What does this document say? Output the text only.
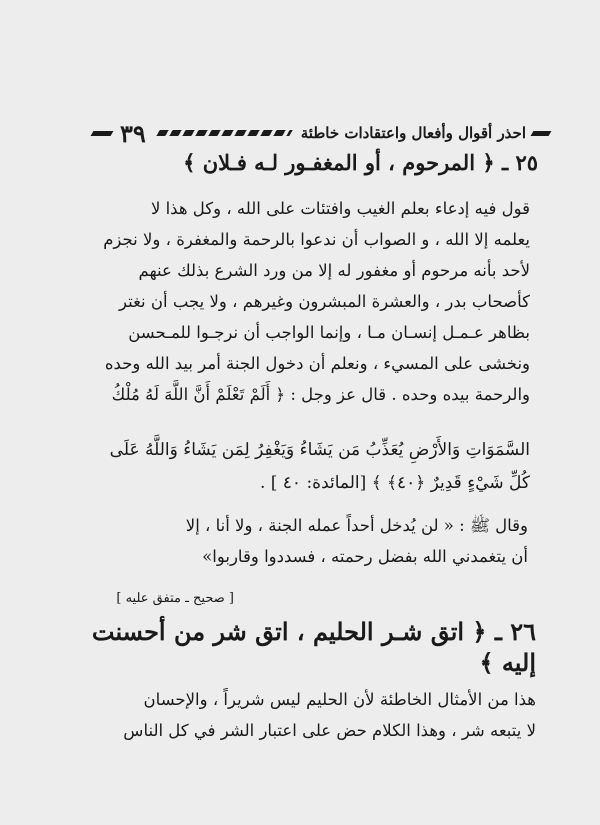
احذر أقوال وأفعال واعتقادات خاطئة
٣٩
٢٥ ـ ﴿ المرحوم ، أو المغفـور لـه فـلان ﴾
قول فيه إدعاء بعلم الغيب وافتئات على الله ، وكل هذا لا
يعلمه إلا الله ، و الصواب أن ندعوا بالرحمة والمغفرة ، ولا نجزم
لأحد بأنه مرحوم أو مغفور له إلا من ورد الشرع بذلك عنهم
كأصحاب بدر ، والعشرة المبشرون وغيرهم ، ولا يجب أن نغتر
بظاهر عـمـل إنسـان مـا ، وإنما الواجب أن نرجـوا للمـحسن
ونخشى على المسيء ، ونعلم أن دخول الجنة أمر بيد الله وحده
والرحمة بيده وحده . قال عز وجل : ﴿ أَلَمْ تَعْلَمْ أَنَّ اللَّهَ لَهُ مُلْكُ
السَّمَوَاتِ وَالأَرْضِ يُعَذِّبُ مَن يَشَاءُ وَيَغْفِرُ لِمَن يَشَاءُ وَاللَّهُ عَلَى
كُلِّ شَيْءٍ قَدِيرٌ ﴿٤٠﴾ ﴾ [المائدة: ٤٠ ] .
وقال ﷺ : « لن يُدخل أحداً عمله الجنة ، ولا أنا ، إلا
أن يتغمدني الله بفضل رحمته ، فسددوا وقاربوا»
[ صحيح ـ متفق عليه ]
٢٦ ـ ﴿ اتق شـر الحليم ، اتق شر من أحسنت
إليه ﴾
هذا من الأمثال الخاطئة لأن الحليم ليس شريراً ، والإحسان
لا يتبعه شر ، وهذا الكلام حض على اعتبار الشر في كل الناس
